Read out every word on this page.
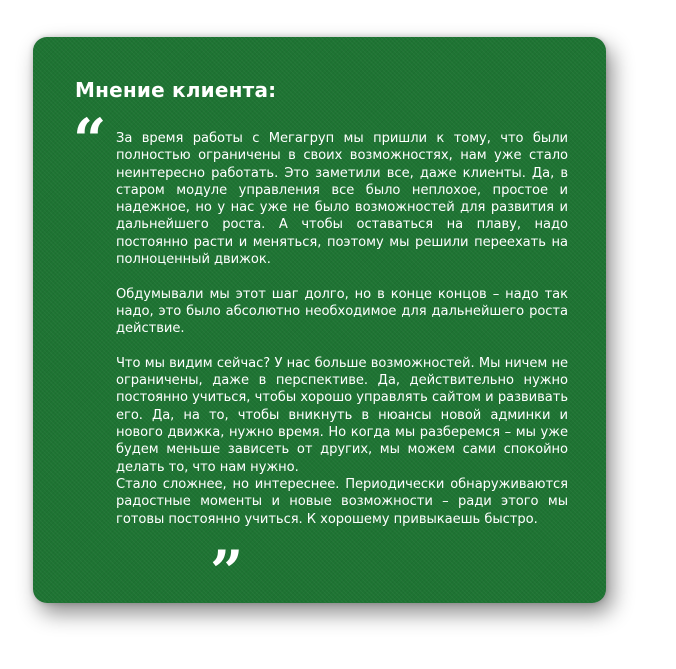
Мнение клиента:
“ За время работы с Мегагруп мы пришли к тому, что были полностью ограничены в своих возможностях, нам уже стало неинтересно работать. Это заметили все, даже клиенты. Да, в старом модуле управления все было неплохое, простое и надежное, но у нас уже не было возможностей для развития и дальнейшего роста. А чтобы оставаться на плаву, надо постоянно расти и меняться, поэтому мы решили переехать на полноценный движок.

Обдумывали мы этот шаг долго, но в конце концов – надо так надо, это было абсолютно необходимое для дальнейшего роста действие.

Что мы видим сейчас? У нас больше возможностей. Мы ничем не ограничены, даже в перспективе. Да, действительно нужно постоянно учиться, чтобы хорошо управлять сайтом и развивать его. Да, на то, чтобы вникнуть в нюансы новой админки и нового движка, нужно время. Но когда мы разберемся – мы уже будем меньше зависеть от других, мы можем сами спокойно делать то, что нам нужно.

Стало сложнее, но интереснее. Периодически обнаруживаются радостные моменты и новые возможности – ради этого мы готовы постоянно учиться. К хорошему привыкаешь быстро.

”
